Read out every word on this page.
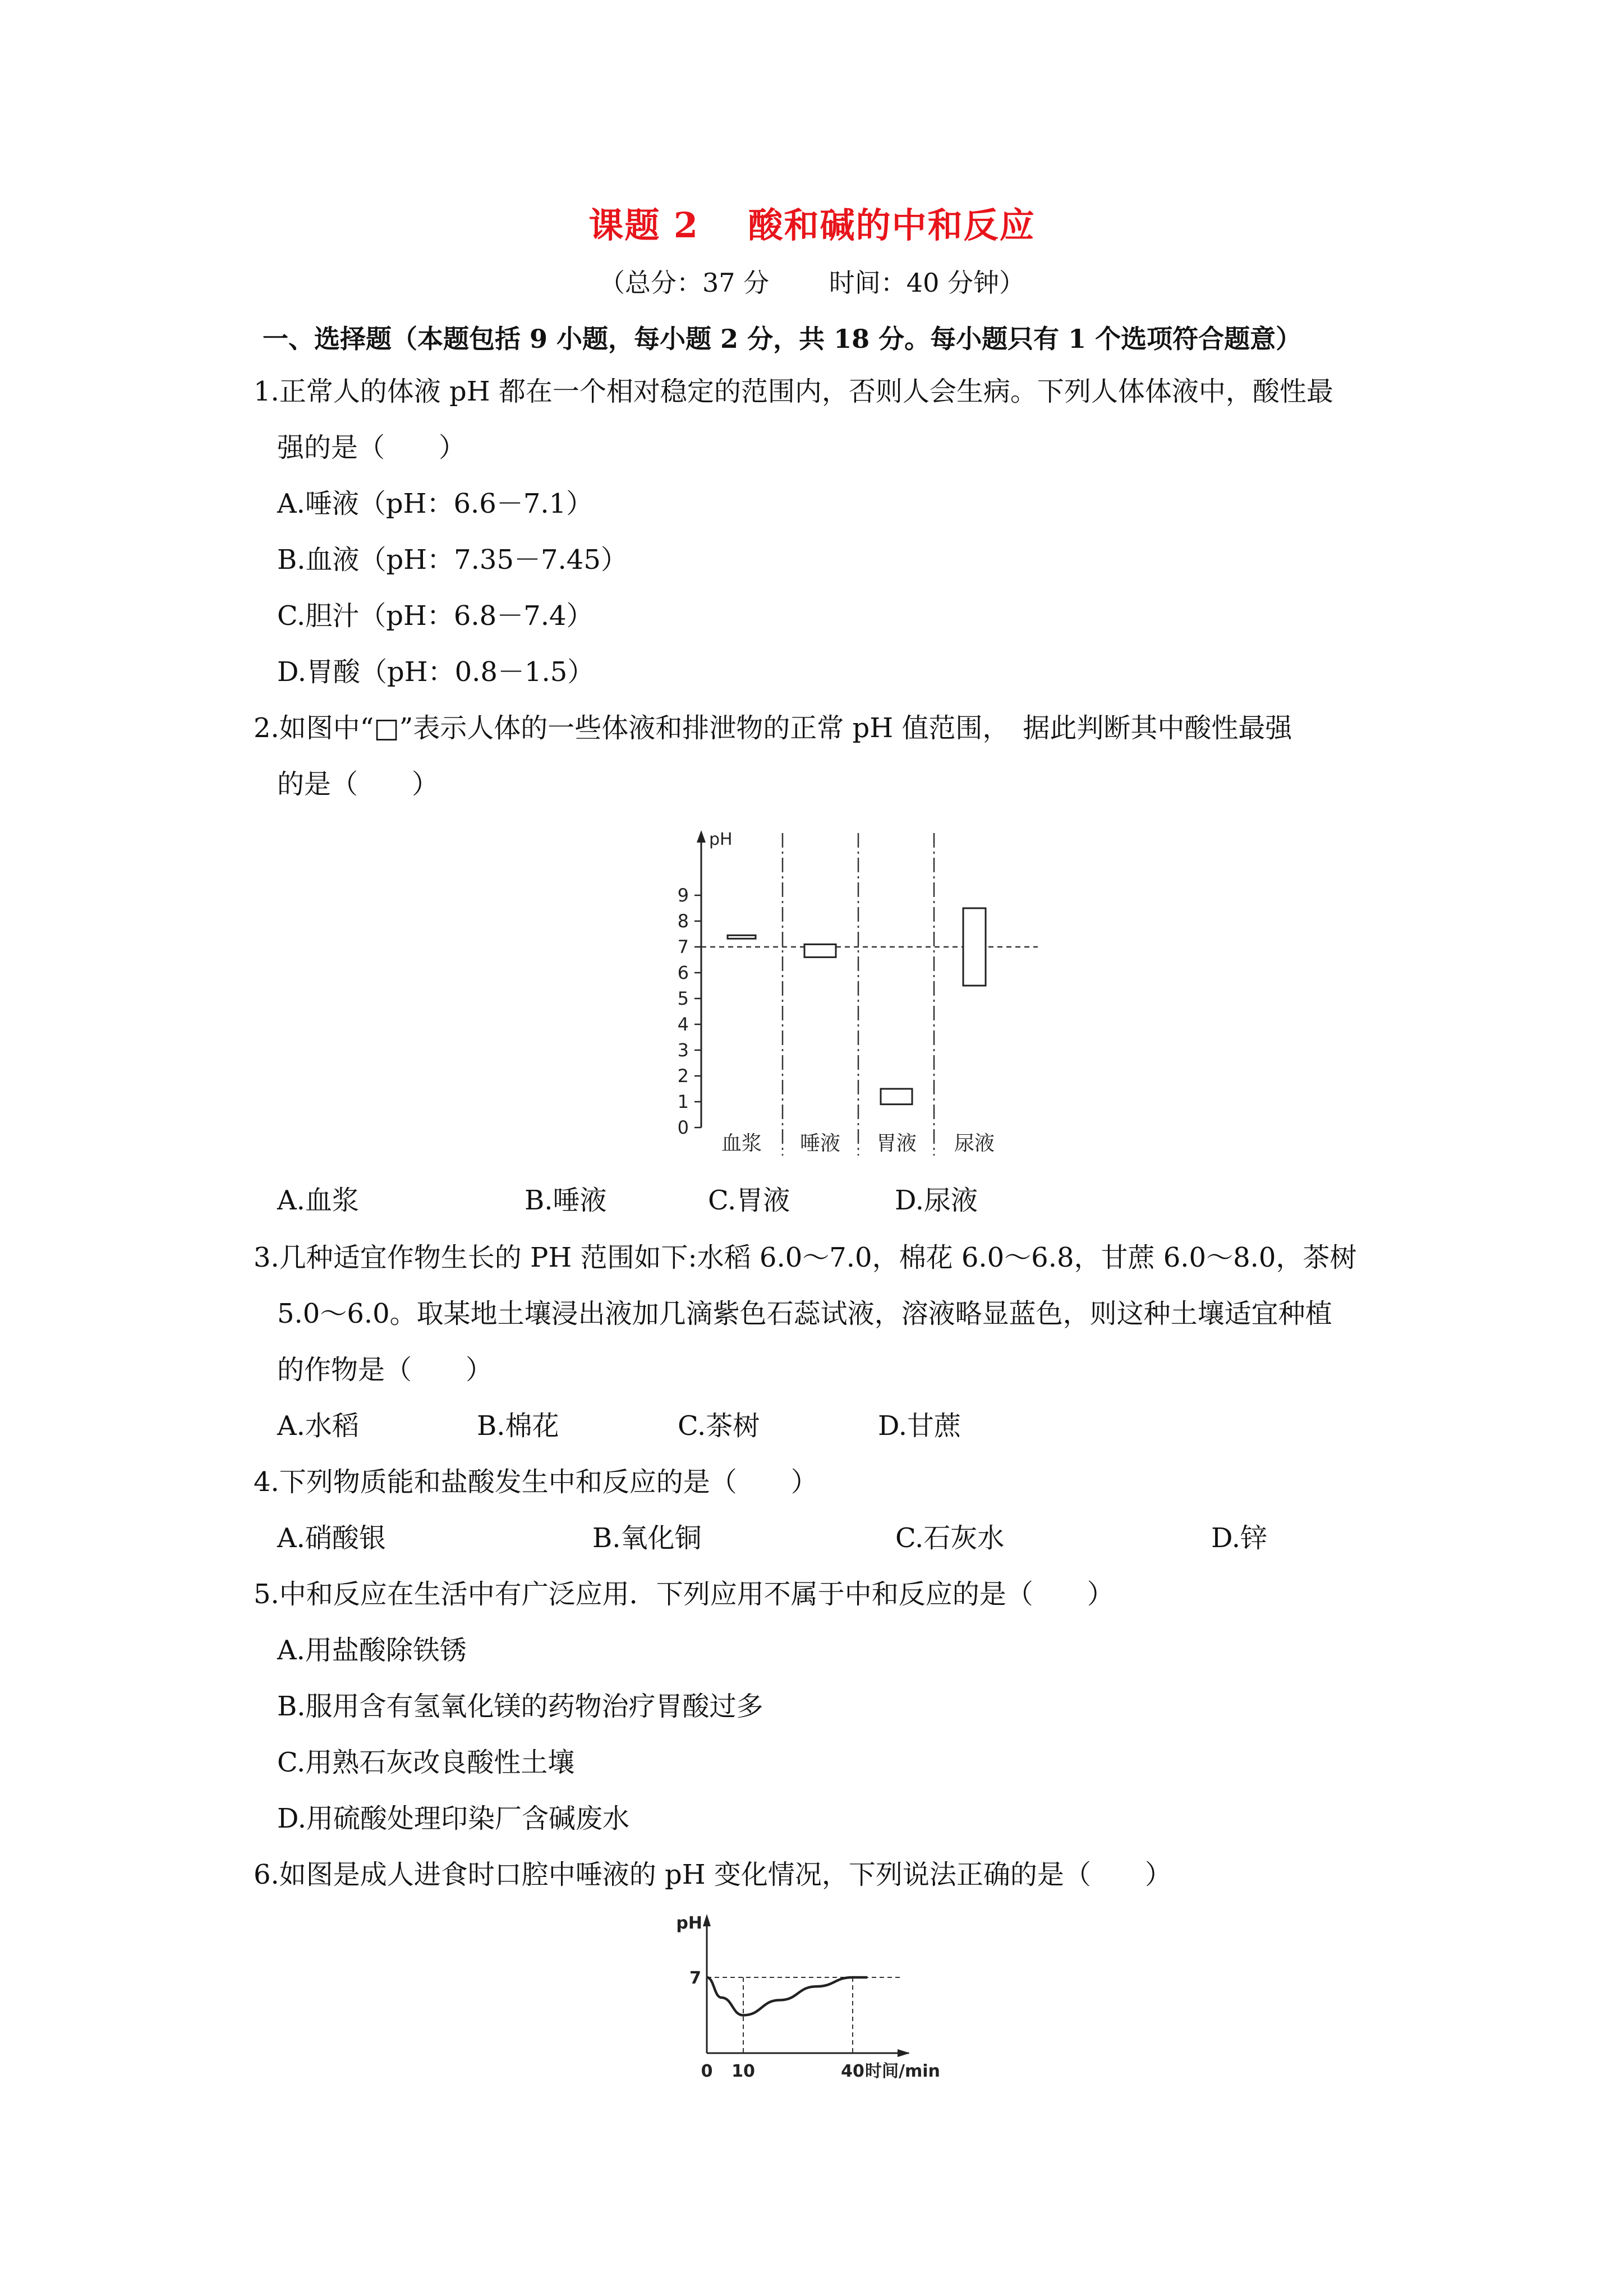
课题 2　 酸和碱的中和反应
（总分：37 分　　 时间：40 分钟）
一、选择题（本题包括 9 小题，每小题 2 分，共 18 分。每小题只有 1 个选项符合题意）
1.正常人的体液 pH 都在一个相对稳定的范围内，否则人会生病。下列人体体液中，酸性最
强的是（　　）
A.唾液（pH：6.6－7.1）
B.血液（pH：7.35－7.45）
C.胆汁（pH：6.8－7.4）
D.胃酸（pH：0.8－1.5）
2.如图中“□”表示人体的一些体液和排泄物的正常 pH 值范围，　据此判断其中酸性最强
的是（　　）
pH
0
1
2
3
4
5
6
7
8
9
血浆 唾液 胃液 尿液
A.血浆	B.唾液	C.胃液	D.尿液
3.几种适宜作物生长的 PH 范围如下:水稻 6.0～7.0，棉花 6.0～6.8，甘蔗 6.0～8.0，茶树
5.0～6.0。取某地土壤浸出液加几滴紫色石蕊试液，溶液略显蓝色，则这种土壤适宜种植
的作物是（　　）
A.水稻	B.棉花	C.茶树	D.甘蔗
4.下列物质能和盐酸发生中和反应的是（　　）
A.硝酸银	B.氧化铜	C.石灰水	D.锌
5.中和反应在生活中有广泛应用．下列应用不属于中和反应的是（　　）
A.用盐酸除铁锈
B.服用含有氢氧化镁的药物治疗胃酸过多
C.用熟石灰改良酸性土壤
D.用硫酸处理印染厂含碱废水
6.如图是成人进食时口腔中唾液的 pH 变化情况，下列说法正确的是（　　）
pH
7
0 10	40 时间/min
